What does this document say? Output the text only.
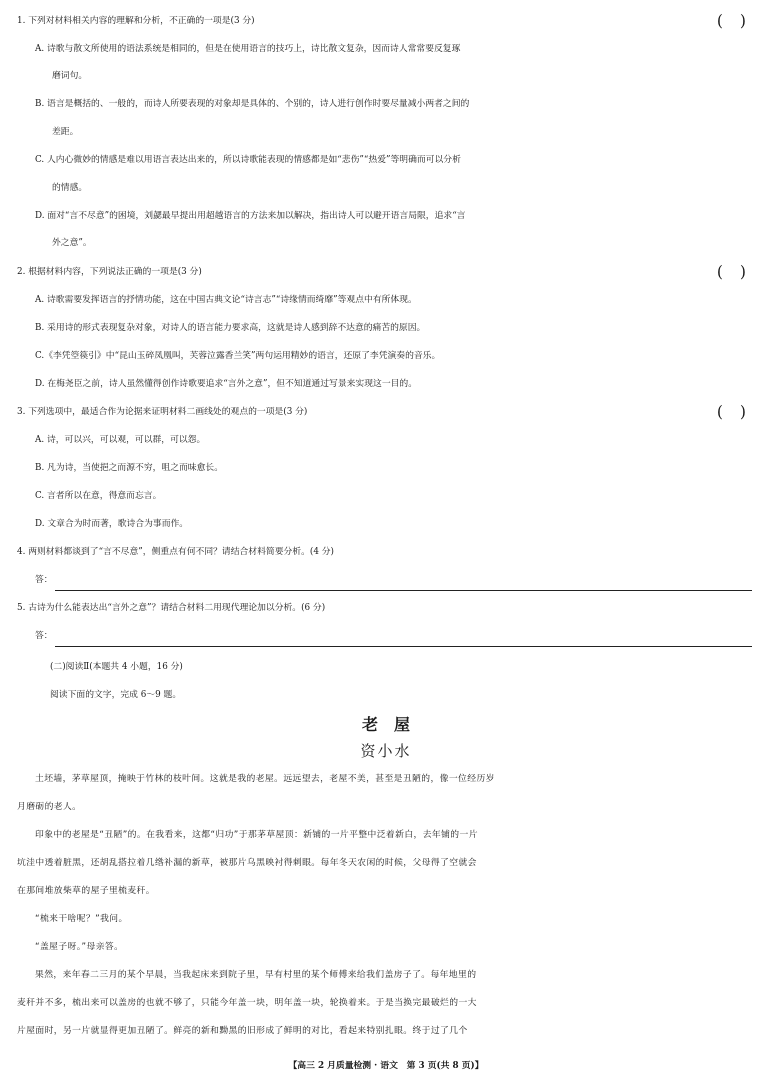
1. 下列对材料相关内容的理解和分析，不正确的一项是(3 分)	( )
A. 诗歌与散文所使用的语法系统是相同的，但是在使用语言的技巧上，诗比散文复杂，因而诗人常常要反复琢
磨词句。
B. 语言是概括的、一般的，而诗人所要表现的对象却是具体的、个别的，诗人进行创作时要尽量减小两者之间的
差距。
C. 人内心微妙的情感是难以用语言表达出来的，所以诗歌能表现的情感都是如“悲伤”“热爱”等明确而可以分析
的情感。
D. 面对“言不尽意”的困境，刘勰最早提出用超越语言的方法来加以解决，指出诗人可以避开语言局限，追求“言
外之意”。
2. 根据材料内容，下列说法正确的一项是(3 分)	( )
A. 诗歌需要发挥语言的抒情功能，这在中国古典文论“诗言志”“诗缘情而绮靡”等观点中有所体现。
B. 采用诗的形式表现复杂对象，对诗人的语言能力要求高，这就是诗人感到辞不达意的痛苦的原因。
C.《李凭箜篌引》中“昆山玉碎凤凰叫，芙蓉泣露香兰笑”两句运用精妙的语言，还原了李凭演奏的音乐。
D. 在梅尧臣之前，诗人虽然懂得创作诗歌要追求“言外之意”，但不知道通过写景来实现这一目的。
3. 下列选项中，最适合作为论据来证明材料二画线处的观点的一项是(3 分)	( )
A. 诗，可以兴，可以观，可以群，可以怨。
B. 凡为诗，当使挹之而源不穷，咀之而味愈长。
C. 言者所以在意，得意而忘言。
D. 文章合为时而著，歌诗合为事而作。
4. 两则材料都谈到了“言不尽意”，侧重点有何不同？请结合材料简要分析。(4 分)
答：
5. 古诗为什么能表达出“言外之意”？请结合材料二用现代理论加以分析。(6 分)
答：
(二)阅读Ⅱ(本题共 4 小题，16 分)
阅读下面的文字，完成 6～9 题。
老屋
资小水
土坯墙，茅草屋顶，掩映于竹林的枝叶间。这就是我的老屋。远远望去，老屋不美，甚至是丑陋的，像一位经历岁
月磨砺的老人。
印象中的老屋是“丑陋”的。在我看来，这都“归功”于那茅草屋顶：新铺的一片平整中泛着新白，去年铺的一片
坑洼中透着脏黑，还胡乱搭拉着几绺补漏的新草，被那片乌黑映衬得刺眼。每年冬天农闲的时候，父母得了空就会
在那间堆放柴草的屋子里梳麦秆。
“梳来干啥呢？”我问。
“盖屋子呀。”母亲答。
果然，来年春二三月的某个早晨，当我起床来到院子里，早有村里的某个师傅来给我们盖房子了。每年地里的
麦秆并不多，梳出来可以盖房的也就不够了，只能今年盖一块，明年盖一块，轮换着来。于是当换完最破烂的一大
片屋面时，另一片就显得更加丑陋了。鲜亮的新和黝黑的旧形成了鲜明的对比，看起来特别扎眼。终于过了几个
【高三 2 月质量检测 · 语文　第 3 页(共 8 页)】
